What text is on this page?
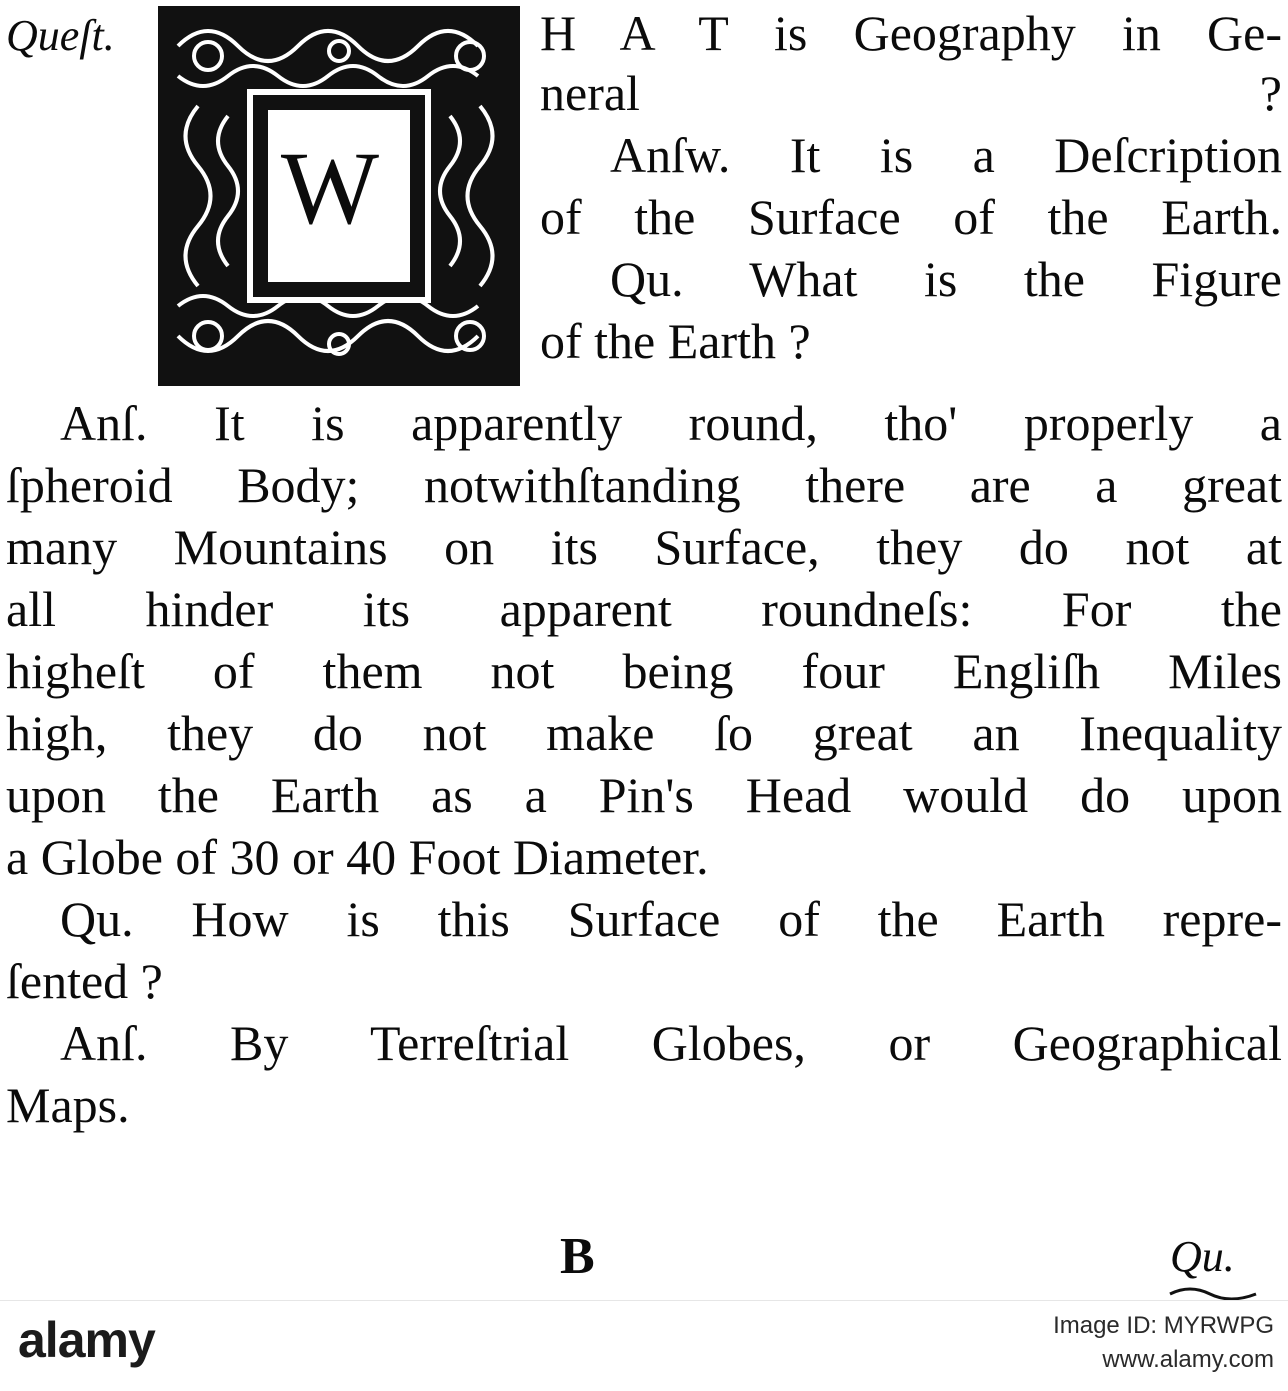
Queſt.	H A T is Geography in Ge-
W
neral ?
Anſw. It is a Deſcription
of the Surface of the Earth.
Qu. What is the Figure
of the Earth ?
Anſ. It is apparently round, tho' properly a
ſpheroid Body; notwithſtanding there are a great
many Mountains on its Surface, they do not at
all hinder its apparent roundneſs: For the
higheſt of them not being four Engliſh Miles
high, they do not make ſo great an Inequality
upon the Earth as a Pin's Head would do upon
a Globe of 30 or 40 Foot Diameter.
Qu. How is this Surface of the Earth repre-
ſented ?
Anſ. By Terreſtrial Globes, or Geographical
Maps.
B	Qu.
alamy	Image ID: MYRWPG
www.alamy.com
